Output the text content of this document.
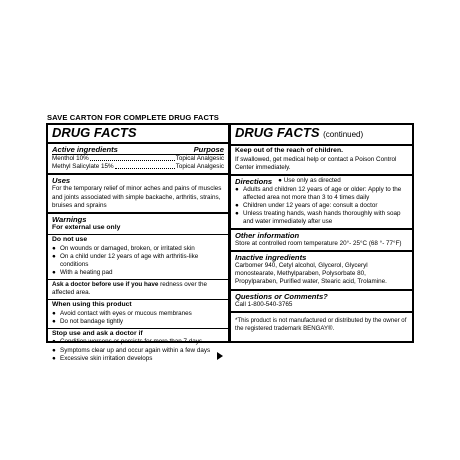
SAVE CARTON FOR COMPLETE DRUG FACTS
DRUG FACTS
Active ingredients	Purpose
Menthol 10%	Topical Analgesic
Methyl Salicylate 15%	Topical Analgesic
Uses
For the temporary relief of minor aches and pains of muscles and joints associated with simple backache, arthritis, strains, bruises and sprains
Warnings
For external use only
Do not use
● On wounds or damaged, broken, or irritated skin
● On a child under 12 years of age with arthritis-like conditions
● With a heating pad
Ask a doctor before use if you have redness over the affected area.
When using this product
● Avoid contact with eyes or mucous membranes
● Do not bandage tightly
Stop use and ask a doctor if
● Condition worsens or persists for more than 7 days
● Symptoms clear up and occur again within a few days
● Excessive skin irritation develops
DRUG FACTS (continued)
Keep out of the reach of children.
If swallowed, get medical help or contact a Poison Control Center immediately.
Directions ● Use only as directed
● Adults and children 12 years of age or older: Apply to the affected area not more than 3 to 4 times daily
● Children under 12 years of age: consult a doctor
● Unless treating hands, wash hands thoroughly with soap and water immediately after use
Other information
Store at controlled room temperature 20°- 25°C (68 °- 77°F)
Inactive ingredients
Carbomer 940, Cetyl alcohol, Glycerol, Glyceryl monostearate, Methylparaben, Polysorbate 80, Propylparaben, Purified water, Stearic acid, Trolamine.
Questions or Comments?
Call 1-800-540-3765
*This product is not manufactured or distributed by the owner of the registered trademark BENGAY®.
